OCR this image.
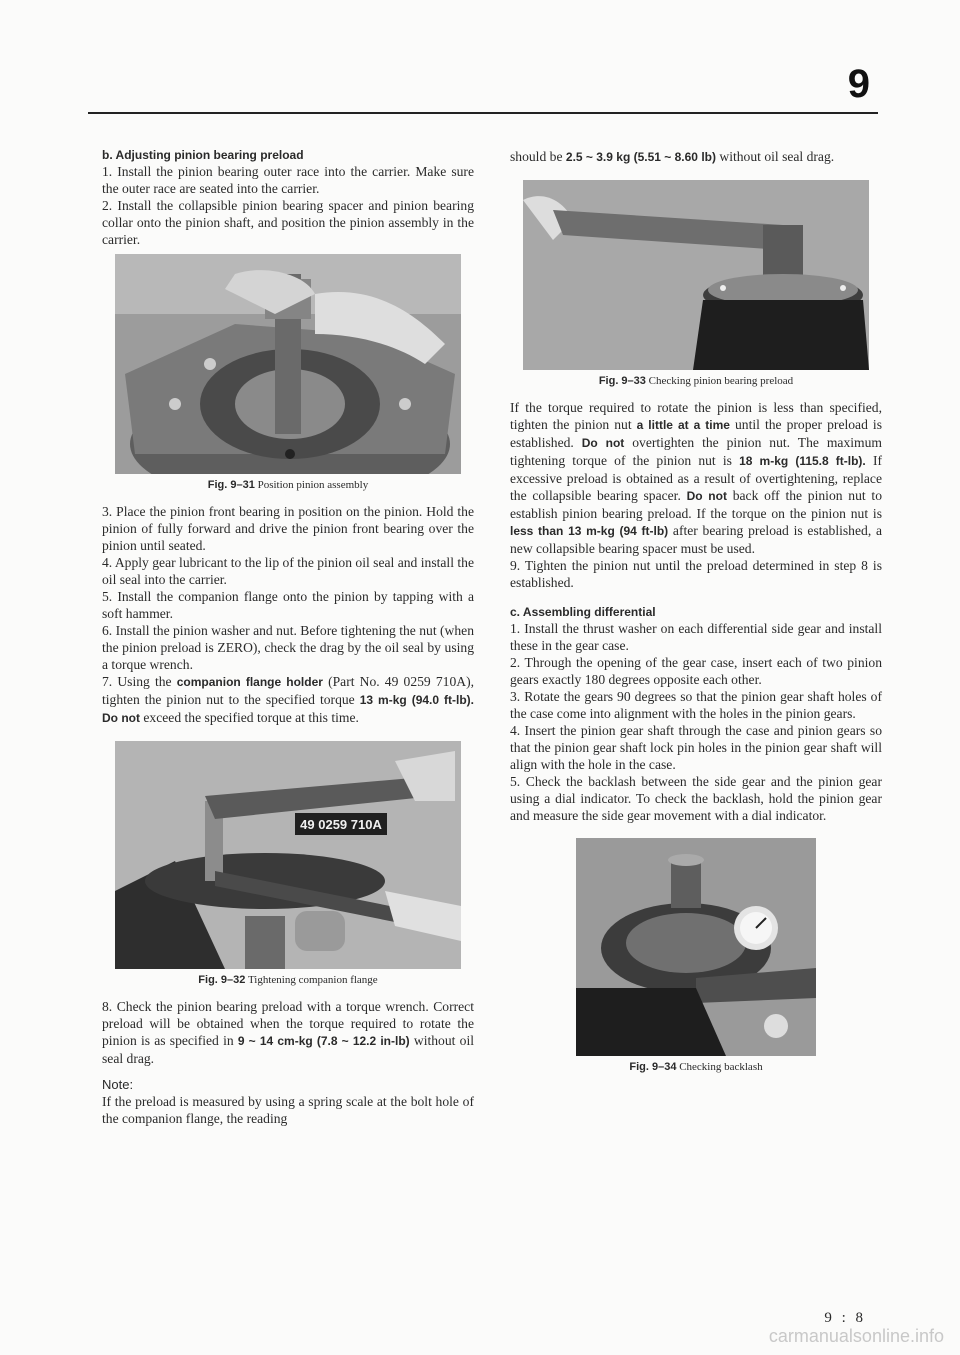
9
b. Adjusting pinion bearing preload

1. Install the pinion bearing outer race into the carrier. Make sure the outer race are seated into the carrier.

2. Install the collapsible pinion bearing spacer and pinion bearing collar onto the pinion shaft, and position the pinion assembly in the carrier.

Fig. 9–31 Position pinion assembly

3. Place the pinion front bearing in position on the pinion. Hold the pinion of fully forward and drive the pinion front bearing over the pinion until seated.

4. Apply gear lubricant to the lip of the pinion oil seal and install the oil seal into the carrier.

5. Install the companion flange onto the pinion by tapping with a soft hammer.

6. Install the pinion washer and nut. Before tightening the nut (when the pinion preload is ZERO), check the drag by the oil seal by using a torque wrench.

7. Using the companion flange holder (Part No. 49 0259 710A), tighten the pinion nut to the specified torque 13 m-kg (94.0 ft-lb). Do not exceed the specified torque at this time.

49 0259 710A
Fig. 9–32 Tightening companion flange

8. Check the pinion bearing preload with a torque wrench. Correct preload will be obtained when the torque required to rotate the pinion is as specified in 9 ~ 14 cm-kg (7.8 ~ 12.2 in-lb) without oil seal drag.

Note:

If the preload is measured by using a spring scale at the bolt hole of the companion flange, the reading

should be 2.5 ~ 3.9 kg (5.51 ~ 8.60 lb) without oil seal drag.

Fig. 9–33 Checking pinion bearing preload

If the torque required to rotate the pinion is less than specified, tighten the pinion nut a little at a time until the proper preload is established. Do not overtighten the pinion nut. The maximum tightening torque of the pinion nut is 18 m-kg (115.8 ft-lb). If excessive preload is obtained as a result of overtightening, replace the collapsible bearing spacer. Do not back off the pinion nut to establish pinion bearing preload. If the torque on the pinion nut is less than 13 m-kg (94 ft-lb) after bearing preload is established, a new collapsible bearing spacer must be used.

9. Tighten the pinion nut until the preload determined in step 8 is established.

c. Assembling differential

1. Install the thrust washer on each differential side gear and install these in the gear case.

2. Through the opening of the gear case, insert each of two pinion gears exactly 180 degrees opposite each other.

3. Rotate the gears 90 degrees so that the pinion gear shaft holes of the case come into alignment with the holes in the pinion gears.

4. Insert the pinion gear shaft through the case and pinion gears so that the pinion gear shaft lock pin holes in the pinion gear shaft will align with the hole in the case.

5. Check the backlash between the side gear and the pinion gear using a dial indicator. To check the backlash, hold the pinion gear and measure the side gear movement with a dial indicator.

Fig. 9–34 Checking backlash

9 : 8

carmanualsonline.info
